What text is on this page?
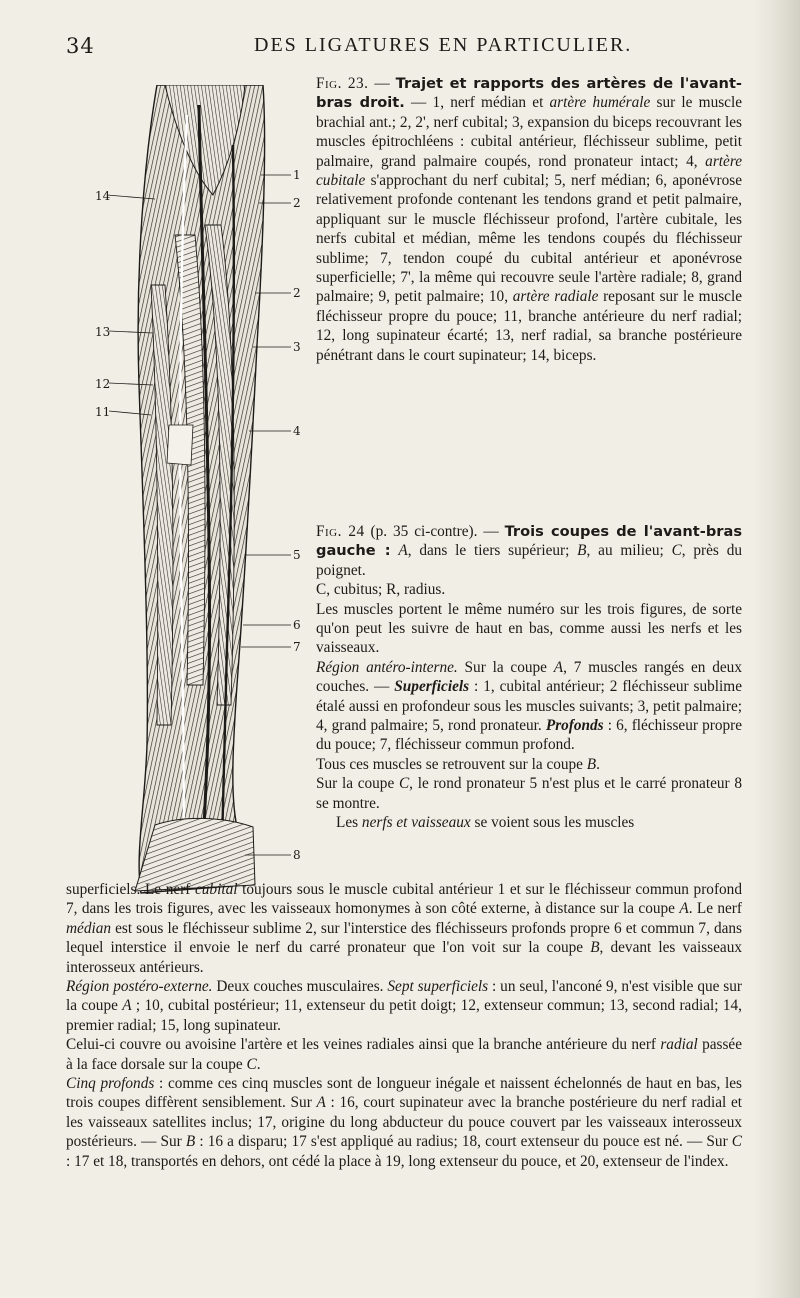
34	DES LIGATURES EN PARTICULIER.
14
13
12
11
1
2
2
3
4
5
6
7
8

Fig. 23. — Trajet et rapports des artères de l'avant-bras droit. — 1, nerf médian et artère humérale sur le muscle brachial ant.; 2, 2', nerf cubital; 3, expansion du biceps recouvrant les muscles épitrochléens : cubital antérieur, fléchisseur sublime, petit palmaire, grand palmaire coupés, rond pronateur intact; 4, artère cubitale s'approchant du nerf cubital; 5, nerf médian; 6, aponévrose relativement profonde contenant les tendons grand et petit palmaire, appliquant sur le muscle fléchisseur profond, l'artère cubitale, les nerfs cubital et médian, même les tendons coupés du fléchisseur sublime; 7, tendon coupé du cubital antérieur et aponévrose superficielle; 7', la même qui recouvre seule l'artère radiale; 8, grand palmaire; 9, petit palmaire; 10, artère radiale reposant sur le muscle fléchisseur propre du pouce; 11, branche antérieure du nerf radial; 12, long supinateur écarté; 13, nerf radial, sa branche postérieure pénétrant dans le court supinateur; 14, biceps.

Fig. 24 (p. 35 ci-contre). — Trois coupes de l'avant-bras gauche : A, dans le tiers supérieur; B, au milieu; C, près du poignet.

C, cubitus; R, radius.

Les muscles portent le même numéro sur les trois figures, de sorte qu'on peut les suivre de haut en bas, comme aussi les nerfs et les vaisseaux.

Région antéro-interne. Sur la coupe A, 7 muscles rangés en deux couches. — Superficiels : 1, cubital antérieur; 2 fléchisseur sublime étalé aussi en profondeur sous les muscles suivants; 3, petit palmaire; 4, grand palmaire; 5, rond pronateur. Profonds : 6, fléchisseur propre du pouce; 7, fléchisseur commun profond.

Tous ces muscles se retrouvent sur la coupe B.

Sur la coupe C, le rond pronateur 5 n'est plus et le carré pronateur 8 se montre.

Les nerfs et vaisseaux se voient sous les muscles

superficiels. Le nerf cubital toujours sous le muscle cubital antérieur 1 et sur le fléchisseur commun profond 7, dans les trois figures, avec les vaisseaux homonymes à son côté externe, à distance sur la coupe A. Le nerf médian est sous le fléchisseur sublime 2, sur l'interstice des fléchisseurs profonds propre 6 et commun 7, dans lequel interstice il envoie le nerf du carré pronateur que l'on voit sur la coupe B, devant les vaisseaux interosseux antérieurs.

Région postéro-externe. Deux couches musculaires. Sept superficiels : un seul, l'anconé 9, n'est visible que sur la coupe A ; 10, cubital postérieur; 11, extenseur du petit doigt; 12, extenseur commun; 13, second radial; 14, premier radial; 15, long supinateur.

Celui-ci couvre ou avoisine l'artère et les veines radiales ainsi que la branche antérieure du nerf radial passée à la face dorsale sur la coupe C.

Cinq profonds : comme ces cinq muscles sont de longueur inégale et naissent échelonnés de haut en bas, les trois coupes diffèrent sensiblement. Sur A : 16, court supinateur avec la branche postérieure du nerf radial et les vaisseaux satellites inclus; 17, origine du long abducteur du pouce couvert par les vaisseaux interosseux postérieurs. — Sur B : 16 a disparu; 17 s'est appliqué au radius; 18, court extenseur du pouce est né. — Sur C : 17 et 18, transportés en dehors, ont cédé la place à 19, long extenseur du pouce, et 20, extenseur de l'index.
